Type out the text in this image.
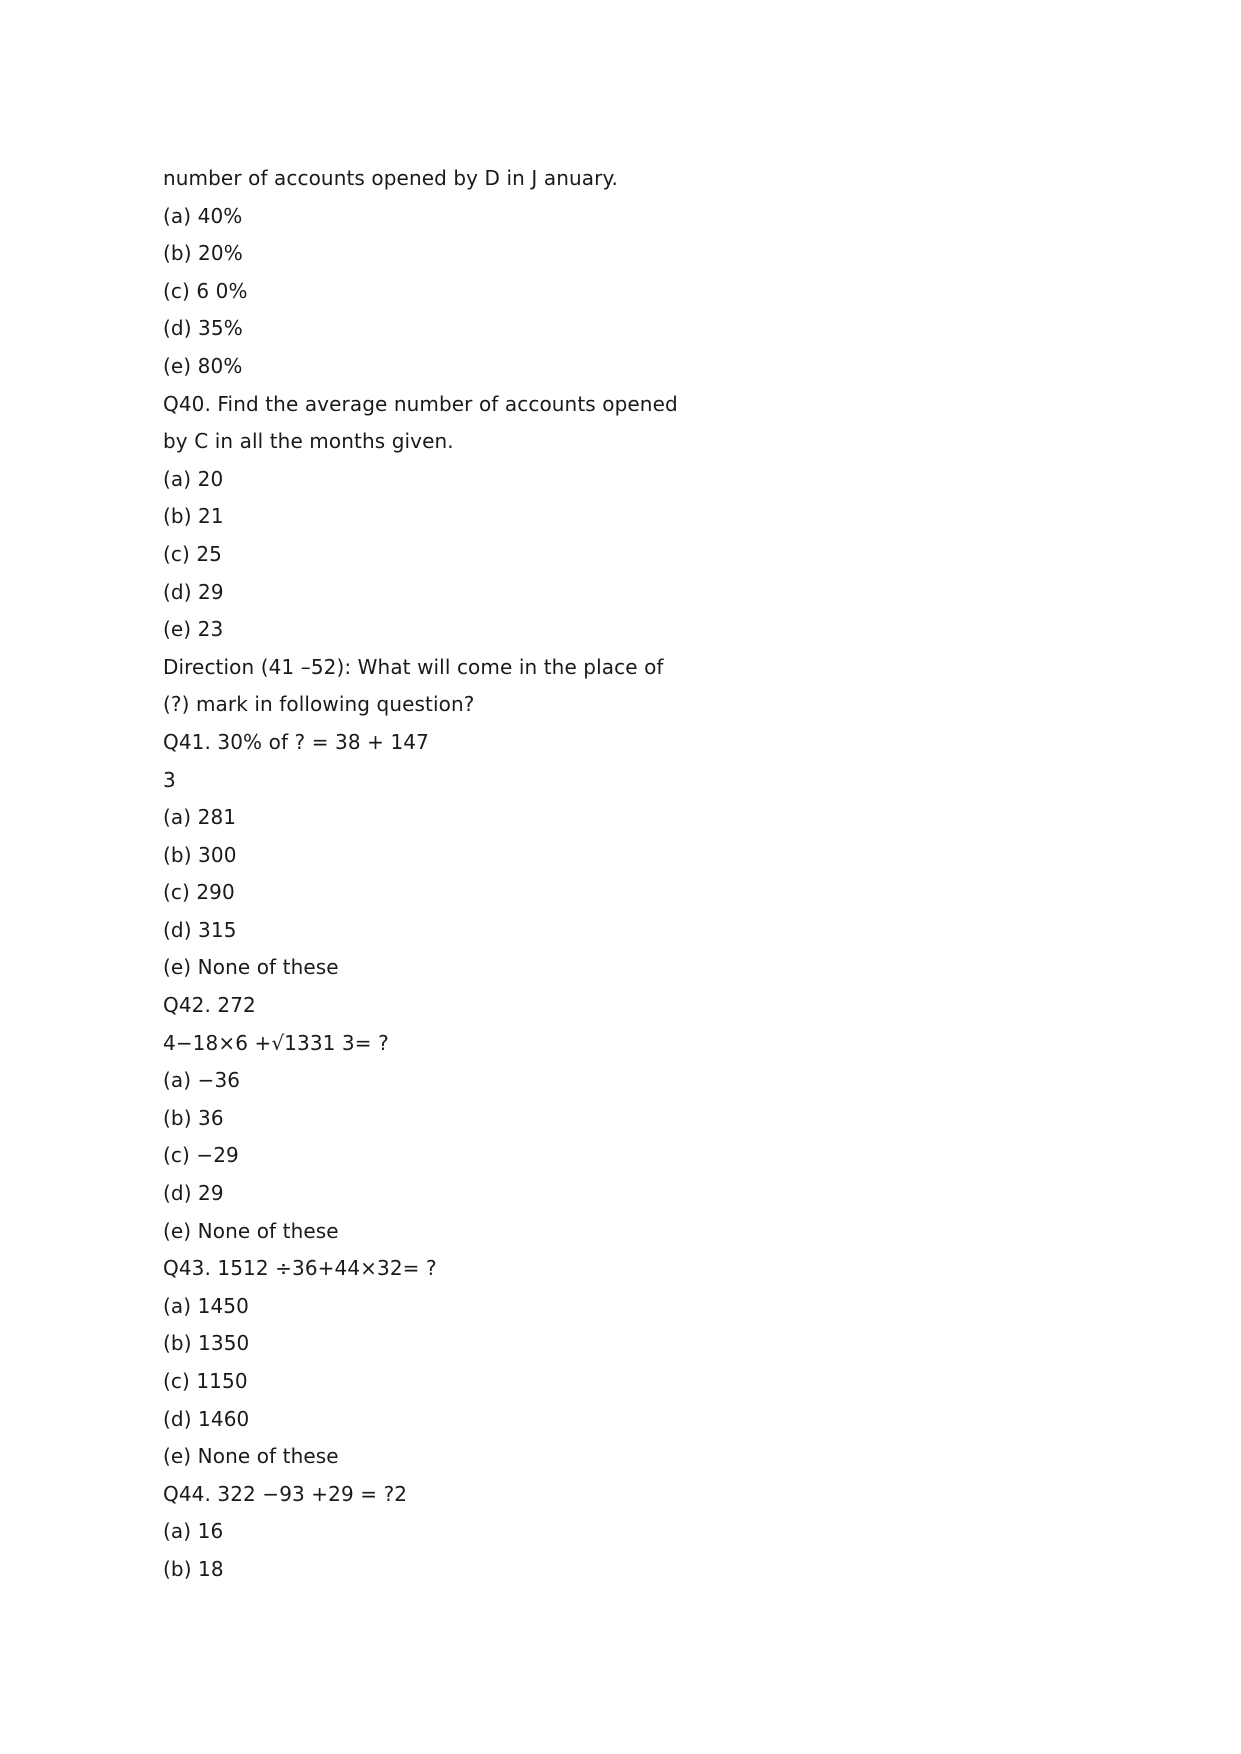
number of accounts opened by D in J anuary.
(a) 40%
(b) 20%
(c) 6 0%
(d) 35%
(e) 80%
Q40. Find the average number of accounts opened
by C in all the months given.
(a) 20
(b) 21
(c) 25
(d) 29
(e) 23
Direction (41 –52): What will come in the place of
(?) mark in following question?
Q41. 30% of ? = 38 + 147
3
(a) 281
(b) 300
(c) 290
(d) 315
(e) None of these
Q42. 272
4−18×6 +√1331 3= ?
(a) −36
(b) 36
(c) −29
(d) 29
(e) None of these
Q43. 1512 ÷36+44×32= ?
(a) 1450
(b) 1350
(c) 1150
(d) 1460
(e) None of these
Q44. 322 −93 +29 = ?2
(a) 16
(b) 18
